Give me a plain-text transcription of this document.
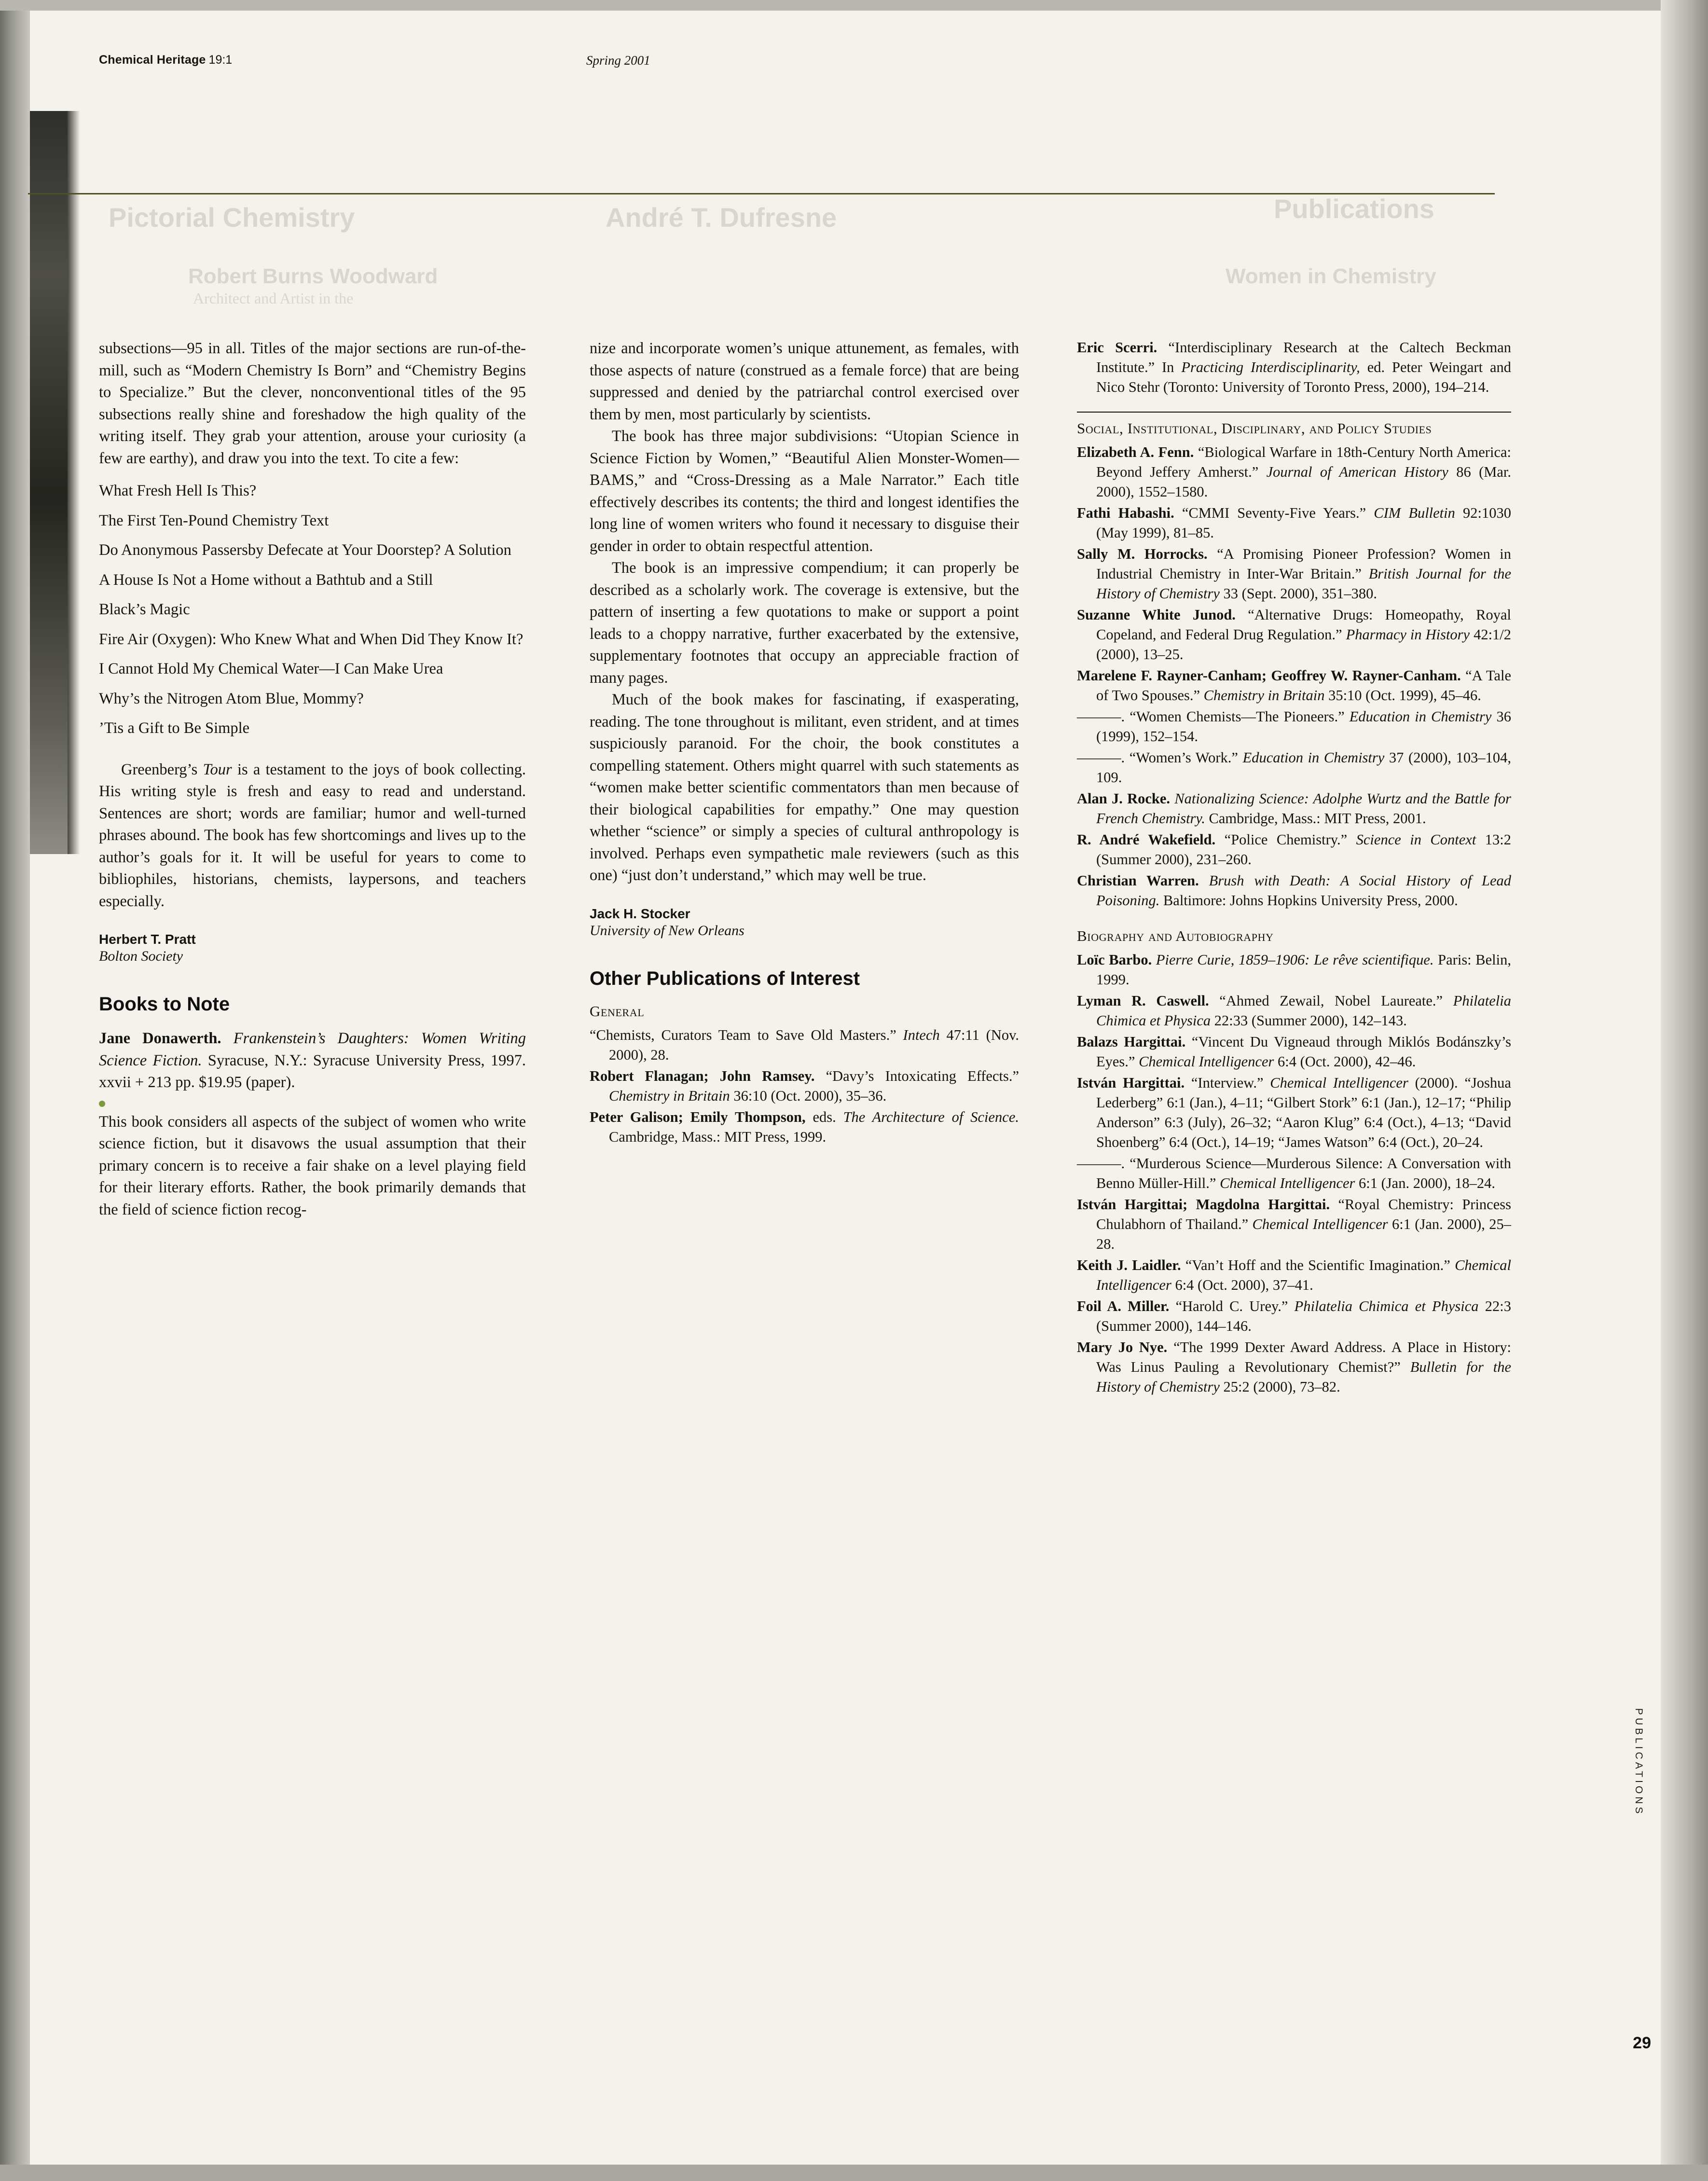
Chemical Heritage 19:1	Spring 2001
Pictorial Chemistry	André T. Dufresne	Publications
Robert Burns Woodward
Architect and Artist in the
Women in Chemistry
subsections—95 in all. Titles of the major sections are run-of-the-mill, such as “Modern Chemistry Is Born” and “Chemistry Begins to Specialize.” But the clever, nonconventional titles of the 95 subsections really shine and foreshadow the high quality of the writing itself. They grab your attention, arouse your curiosity (a few are earthy), and draw you into the text. To cite a few:
What Fresh Hell Is This?
The First Ten-Pound Chemistry Text
Do Anonymous Passersby Defecate at Your Doorstep? A Solution
A House Is Not a Home without a Bathtub and a Still
Black’s Magic
Fire Air (Oxygen): Who Knew What and When Did They Know It?
I Cannot Hold My Chemical Water—I Can Make Urea
Why’s the Nitrogen Atom Blue, Mommy?
’Tis a Gift to Be Simple

Greenberg’s Tour is a testament to the joys of book collecting. His writing style is fresh and easy to read and understand. Sentences are short; words are familiar; humor and well-turned phrases abound. The book has few shortcomings and lives up to the author’s goals for it. It will be useful for years to come to bibliophiles, historians, chemists, laypersons, and teachers especially.

Herbert T. Pratt
Bolton Society
Books to Note

Jane Donawerth. Frankenstein’s Daughters: Women Writing Science Fiction. Syracuse, N.Y.: Syracuse University Press, 1997. xxvii + 213 pp. $19.95 (paper).

This book considers all aspects of the subject of women who write science fiction, but it disavows the usual assumption that their primary concern is to receive a fair shake on a level playing field for their literary efforts. Rather, the book primarily demands that the field of science fiction recog-
nize and incorporate women’s unique attunement, as females, with those aspects of nature (construed as a female force) that are being suppressed and denied by the patriarchal control exercised over them by men, most particularly by scientists.
The book has three major subdivisions: “Utopian Science in Science Fiction by Women,” “Beautiful Alien Monster-Women—BAMS,” and “Cross-Dressing as a Male Narrator.” Each title effectively describes its contents; the third and longest identifies the long line of women writers who found it necessary to disguise their gender in order to obtain respectful attention.
The book is an impressive compendium; it can properly be described as a scholarly work. The coverage is extensive, but the pattern of inserting a few quotations to make or support a point leads to a choppy narrative, further exacerbated by the extensive, supplementary footnotes that occupy an appreciable fraction of many pages.
Much of the book makes for fascinating, if exasperating, reading. The tone throughout is militant, even strident, and at times suspiciously paranoid. For the choir, the book constitutes a compelling statement. Others might quarrel with such statements as “women make better scientific commentators than men because of their biological capabilities for empathy.” One may question whether “science” or simply a species of cultural anthropology is involved. Perhaps even sympathetic male reviewers (such as this one) “just don’t understand,” which may well be true.
Jack H. Stocker
University of New Orleans
Other Publications of Interest
General
“Chemists, Curators Team to Save Old Masters.” Intech 47:11 (Nov. 2000), 28.
Robert Flanagan; John Ramsey. “Davy’s Intoxicating Effects.” Chemistry in Britain 36:10 (Oct. 2000), 35–36.
Peter Galison; Emily Thompson, eds. The Architecture of Science. Cambridge, Mass.: MIT Press, 1999.
Eric Scerri. “Interdisciplinary Research at the Caltech Beckman Institute.” In Practicing Interdisciplinarity, ed. Peter Weingart and Nico Stehr (Toronto: University of Toronto Press, 2000), 194–214.
Social, Institutional, Disciplinary, and Policy Studies
Elizabeth A. Fenn. “Biological Warfare in 18th-Century North America: Beyond Jeffery Amherst.” Journal of American History 86 (Mar. 2000), 1552–1580.
Fathi Habashi. “CMMI Seventy-Five Years.” CIM Bulletin 92:1030 (May 1999), 81–85.
Sally M. Horrocks. “A Promising Pioneer Profession? Women in Industrial Chemistry in Inter-War Britain.” British Journal for the History of Chemistry 33 (Sept. 2000), 351–380.
Suzanne White Junod. “Alternative Drugs: Homeopathy, Royal Copeland, and Federal Drug Regulation.” Pharmacy in History 42:1/2 (2000), 13–25.
Marelene F. Rayner-Canham; Geoffrey W. Rayner-Canham. “A Tale of Two Spouses.” Chemistry in Britain 35:10 (Oct. 1999), 45–46.
———. “Women Chemists—The Pioneers.” Education in Chemistry 36 (1999), 152–154.
———. “Women’s Work.” Education in Chemistry 37 (2000), 103–104, 109.
Alan J. Rocke. Nationalizing Science: Adolphe Wurtz and the Battle for French Chemistry. Cambridge, Mass.: MIT Press, 2001.
R. André Wakefield. “Police Chemistry.” Science in Context 13:2 (Summer 2000), 231–260.
Christian Warren. Brush with Death: A Social History of Lead Poisoning. Baltimore: Johns Hopkins University Press, 2000.
Biography and Autobiography
Loïc Barbo. Pierre Curie, 1859–1906: Le rêve scientifique. Paris: Belin, 1999.
Lyman R. Caswell. “Ahmed Zewail, Nobel Laureate.” Philatelia Chimica et Physica 22:33 (Summer 2000), 142–143.
Balazs Hargittai. “Vincent Du Vigneaud through Miklós Bodánszky’s Eyes.” Chemical Intelligencer 6:4 (Oct. 2000), 42–46.
István Hargittai. “Interview.” Chemical Intelligencer (2000). “Joshua Lederberg” 6:1 (Jan.), 4–11; “Gilbert Stork” 6:1 (Jan.), 12–17; “Philip Anderson” 6:3 (July), 26–32; “Aaron Klug” 6:4 (Oct.), 4–13; “David Shoenberg” 6:4 (Oct.), 14–19; “James Watson” 6:4 (Oct.), 20–24.
———. “Murderous Science—Murderous Silence: A Conversation with Benno Müller-Hill.” Chemical Intelligencer 6:1 (Jan. 2000), 18–24.
István Hargittai; Magdolna Hargittai. “Royal Chemistry: Princess Chulabhorn of Thailand.” Chemical Intelligencer 6:1 (Jan. 2000), 25–28.
Keith J. Laidler. “Van’t Hoff and the Scientific Imagination.” Chemical Intelligencer 6:4 (Oct. 2000), 37–41.
Foil A. Miller. “Harold C. Urey.” Philatelia Chimica et Physica 22:3 (Summer 2000), 144–146.
Mary Jo Nye. “The 1999 Dexter Award Address. A Place in History: Was Linus Pauling a Revolutionary Chemist?” Bulletin for the History of Chemistry 25:2 (2000), 73–82.
PUBLICATIONS
29
